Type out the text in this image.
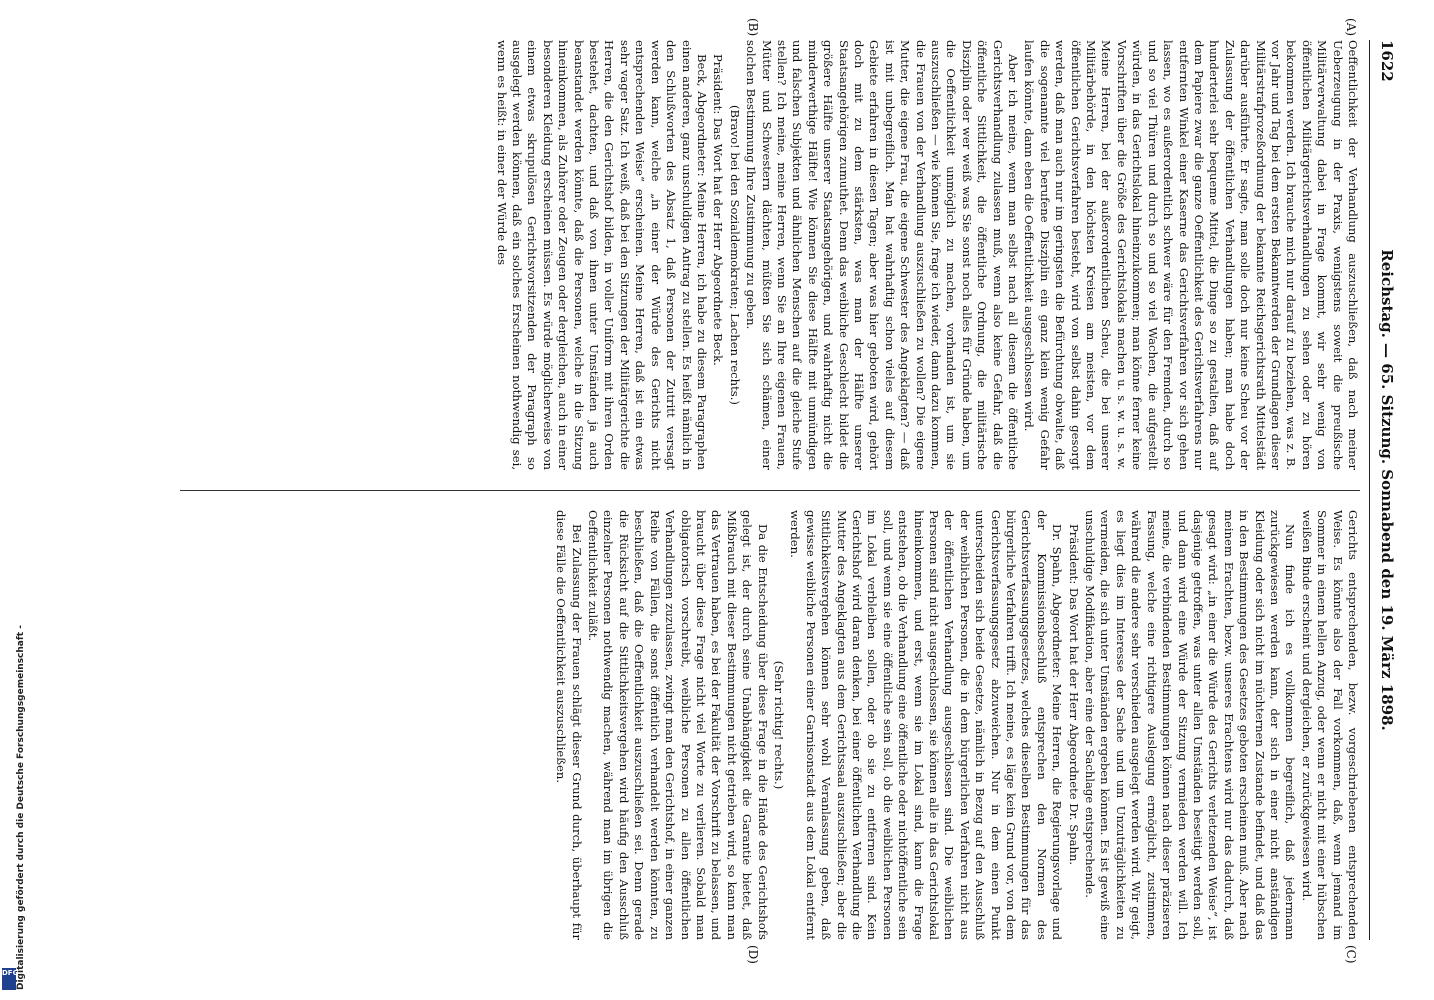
Digitalisierung gefördert durch die Deutsche Forschungsgemeinschaft -
DFG
1622
Reichstag. — 65. Sitzung. Sonnabend den 19. März 1898.
(A)
(B)
(C)
(D)

Oeffentlichkeit der Verhandlung auszuschließen, daß nach meiner Ueberzeugung in der Praxis, wenigstens soweit die preußische Militärverwaltung dabei in Frage kommt, wir sehr wenig von öffentlichen Militärgerichtsverhandlungen zu sehen oder zu hören bekommen werden. Ich brauche mich nur darauf zu beziehen, was z. B. vor Jahr und Tag bei dem ersten Bekanntwerden der Grundlagen dieser Militärstrafprozeßordnung der bekannte Reichsgerichtsrath Mittelstädt darüber ausführte. Er sagte, man solle doch nur keine Scheu vor der Zulassung der öffentlichen Verhandlungen haben; man habe doch hunderterlei sehr bequeme Mittel, die Dinge so zu gestalten, daß auf dem Papiere zwar die ganze Oeffentlichkeit des Gerichtsverfahrens nur entfernten Winkel einer Kaserne das Gerichtsverfahren vor sich gehen lassen, wo es außerordentlich schwer wäre für den Fremden, durch so und so viel Thüren und durch so und so viel Wachen, die aufgestellt würden, in das Gerichtslokal hineinzukommen; man könne ferner keine Vorschriften über die Größe des Gerichtslokals machen u. s. w. u. s. w. Meine Herren, bei der außerordentlichen Scheu, die bei unserer Militärbehörde, in den höchsten Kreisen am meisten, vor dem öffentlichen Gerichtsverfahren besteht, wird von selbst dahin gesorgt werden, daß man auch nur im geringsten die Befürchtung obwalte, daß die sogenannte viel berufene Disziplin ein ganz klein wenig Gefahr laufen könnte, dann eben die Oeffentlichkeit ausgeschlossen wird.

Aber ich meine, wenn man selbst nach all diesem die öffentliche Gerichtsverhandlung zulassen muß, wenn also keine Gefahr, daß die öffentliche Sittlichkeit, die öffentliche Ordnung, die militärische Disziplin oder wer weiß was Sie sonst noch alles für Gründe haben, um die Oeffentlichkeit unmöglich zu machen, vorhanden ist, um sie auszuschließen — wie können Sie, frage ich wieder, dann dazu kommen, die Frauen von der Verhandlung auszuschließen zu wollen? Die eigene Mutter, die eigene Frau, die eigene Schwester des Angeklagten? — daß ist mit unbegreiflich. Man hat wahrhaftig schon vieles auf diesem Gebiete erfahren in diesen Tagen; aber was hier geboten wird, gehört doch mit zu dem stärksten, was man der Hälfte unserer Staatsangehörigen zumuthet. Denn das weibliche Geschlecht bildet die größere Hälfte unserer Staatsangehörigen, und wahrhaftig nicht die minderwerthige Hälfte! Wie können Sie diese Hälfte mit unmündigen und falschen Subjekten und ähnlichen Menschen auf die gleiche Stufe stellen? Ich meine, meine Herren, wenn Sie an Ihre eigenen Frauen, Mütter und Schwestern dächten, müßten Sie sich schämen, einer solchen Bestimmung Ihre Zustimmung zu geben.

(Bravo! bei den Sozialdemokraten; Lachen rechts.)

Präsident: Das Wort hat der Herr Abgeordnete Beck.

Beck, Abgeordneter: Meine Herren, ich habe zu diesem Paragraphen einen anderen, ganz unschuldigen Antrag zu stellen. Es heißt nämlich in den Schlußworten des Absatz 1, daß Personen der Zutritt versagt werden kann, welche „in einer der Würde des Gerichts nicht entsprechenden Weise“ erscheinen. Meine Herren, daß ist ein etwas sehr vager Satz. Ich weiß, daß bei den Sitzungen der Militärgerichte die Herren, die den Gerichtshof bilden, in voller Uniform mit ihren Orden bestehet, dachten, und daß von ihnen unter Umständen ja auch beanstandet werden könnte, daß die Personen, welche in die Sitzung hineinkommen, als Zuhörer oder Zeugen oder dergleichen, auch in einer besonderen Kleidung erscheinen müssen. Es würde möglicherweise von einem etwas skrupulösen Gerichtsvorsitzenden der Paragraph so ausgelegt werden können, daß ein solches Erscheinen nothwendig sei, wenn es heißt: in einer der Würde des

Gerichts entsprechenden, bezw. vorgeschriebenen entsprechenden Weise. Es könnte also der Fall vorkommen, daß, wenn jemand im Sommer in einem hellen Anzug, oder wenn er nicht mit einer hübschen weißen Binde erscheint und dergleichen, er zurückgewiesen wird.

Nun finde ich es vollkommen begreiflich, daß jedermann zurückgewiesen werden kann, der sich in einer nicht anständigen Kleidung oder sich nicht im nüchternen Zustande befindet, und daß das in den Bestimmungen des Gesetzes geboten erscheinen muß. Aber nach meinem Erachten, bezw. unseres Erachtens wird nur das dadurch, daß gesagt wird: „in einer die Würde des Gerichts verletzenden Weise“, ist dasjenige getroffen, was unter allen Umständen beseitigt werden soll, und dann wird eine Würde der Sitzung vermieden werden will. Ich meine, die verbindenden Bestimmungen können nach dieser präziseren Fassung, welche eine richtigere Auslegung ermöglicht, zustimmen, während die andere sehr verschieden ausgelegt werden wird. Wir geigt, es liegt dies im Interesse der Sache und um Unzuträglichkeiten zu vermeiden, die sich unter Umständen ergeben können. Es ist gewiß eine unschuldige Modifikation, aber eine der Sachlage entsprechende.

Präsident: Das Wort hat der Herr Abgeordnete Dr. Spahn.

Dr. Spahn, Abgeordneter: Meine Herren, die Regierungsvorlage und der Kommissionsbeschluß entsprechen den Normen des Gerichtsverfassungsgesetzes, welches dieselben Bestimmungen für das bürgerliche Verfahren trifft. Ich meine, es läge kein Grund vor, von dem Gerichtsverfassungsgesetz abzuweichen. Nur in dem einen Punkt unterscheiden sich beide Gesetze, nämlich in Bezug auf den Ausschluß der weiblichen Personen, die in dem bürgerlichen Verfahren nicht aus der öffentlichen Verhandlung ausgeschlossen sind. Die weiblichen Personen sind nicht ausgeschlossen, sie können alle in das Gerichtslokal hineinkommen, und erst, wenn sie im Lokal sind, kann die Frage entstehen, ob die Verhandlung eine öffentliche oder nichtöffentliche sein soll, und wenn sie eine öffentliche sein soll, ob die weiblichen Personen im Lokal verbleiben sollen, oder ob sie zu entfernen sind. Kein Gerichtshof wird daran denken, bei einer öffentlichen Verhandlung die Mutter des Angeklagten aus dem Gerichtssaal auszuschließen; aber die Sittlichkeitsvergehen können sehr wohl Veranlassung geben, daß gewisse weibliche Personen einer Garnisonstadt aus dem Lokal entfernt werden.

(Sehr richtig! rechts.)

Da die Entscheidung über diese Frage in die Hände des Gerichtshofs gelegt ist, der durch seine Unabhängigkeit die Garantie bietet, daß Mißbrauch mit dieser Bestimmungen nicht getrieben wird, so kann man das Vertrauen haben, es bei der Fakultät der Vorschrift zu belassen, und braucht über diese Frage nicht viel Worte zu verlieren. Sobald man obligatorisch vorschreibt, weibliche Personen zu allen öffentlichen Verhandlungen zuzulassen, zwingt man den Gerichtshof, in einer ganzen Reihe von Fällen, die sonst öffentlich verhandelt werden könnten, zu beschließen, daß die Oeffentlichkeit auszuschließen sei. Denn gerade die Rücksicht auf die Sittlichkeitsvergehen wird häufig den Ausschluß einzelner Personen nothwendig machen, während man im übrigen die Oeffentlichkeit zuläßt.

Bei Zulassung der Frauen schlägt dieser Grund durch, überhaupt für diese Fälle die Oeffentlichkeit auszuschließen.
